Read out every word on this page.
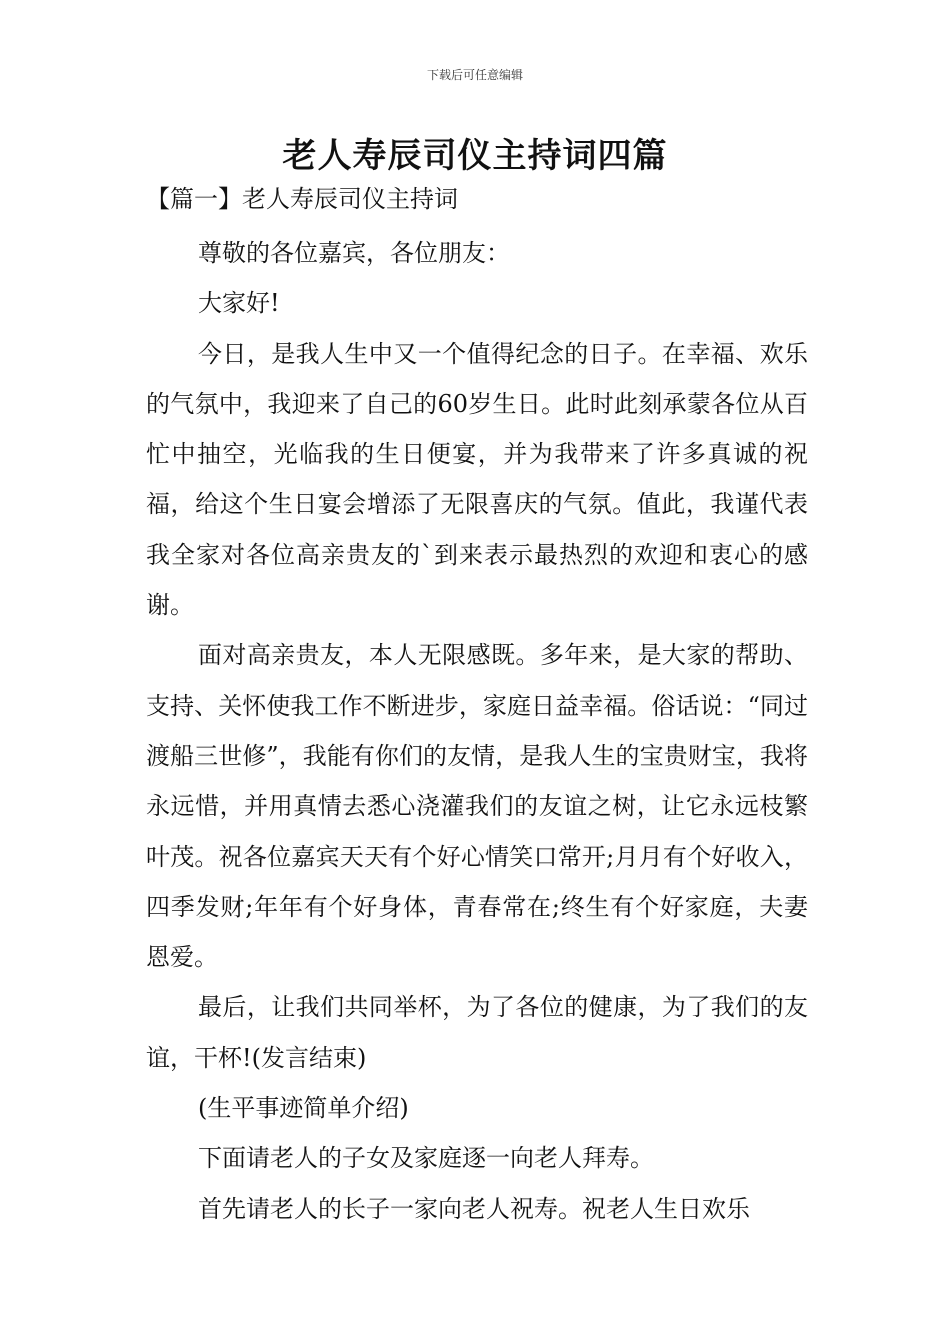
下载后可任意编辑
老人寿辰司仪主持词四篇
【篇一】老人寿辰司仪主持词

尊敬的各位嘉宾，各位朋友：

大家好!

今日，是我人生中又一个值得纪念的日子。在幸福、欢乐的气氛中，我迎来了自己的60岁生日。此时此刻承蒙各位从百忙中抽空，光临我的生日便宴，并为我带来了许多真诚的祝福，给这个生日宴会增添了无限喜庆的气氛。值此，我谨代表我全家对各位高亲贵友的`到来表示最热烈的欢迎和衷心的感谢。

面对高亲贵友，本人无限感既。多年来，是大家的帮助、支持、关怀使我工作不断进步，家庭日益幸福。俗话说：“同过渡船三世修”，我能有你们的友情，是我人生的宝贵财宝，我将永远惜，并用真情去悉心浇灌我们的友谊之树，让它永远枝繁叶茂。祝各位嘉宾天天有个好心情笑口常开;月月有个好收入，四季发财;年年有个好身体，青春常在;终生有个好家庭，夫妻恩爱。

最后，让我们共同举杯，为了各位的健康，为了我们的友谊，干杯!(发言结束)

(生平事迹简单介绍)

下面请老人的子女及家庭逐一向老人拜寿。

首先请老人的长子一家向老人祝寿。祝老人生日欢乐
